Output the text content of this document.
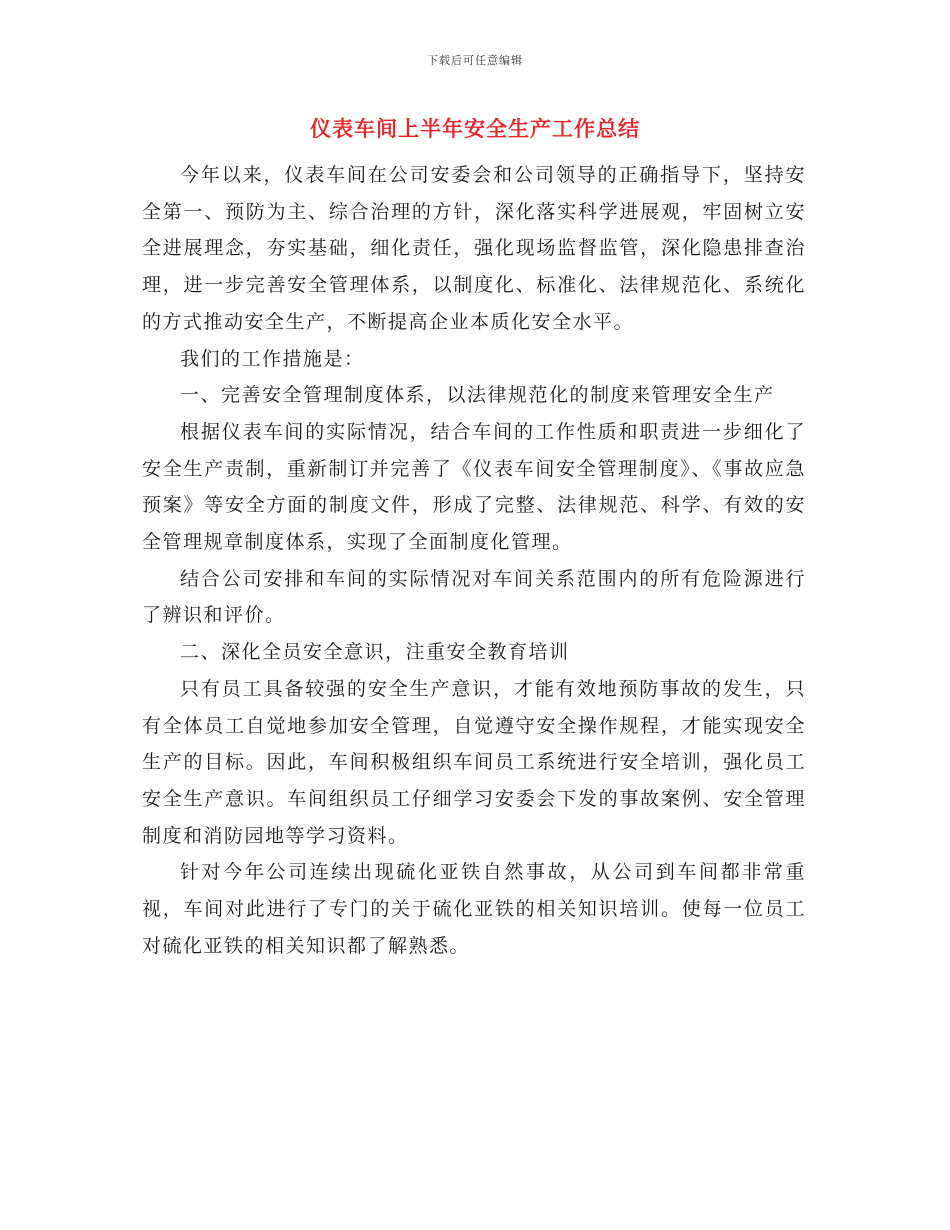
下载后可任意编辑
仪表车间上半年安全生产工作总结

今年以来，仪表车间在公司安委会和公司领导的正确指导下，坚持安全第一、预防为主、综合治理的方针，深化落实科学进展观，牢固树立安全进展理念，夯实基础，细化责任，强化现场监督监管，深化隐患排查治理，进一步完善安全管理体系，以制度化、标准化、法律规范化、系统化的方式推动安全生产，不断提高企业本质化安全水平。

我们的工作措施是：

一、完善安全管理制度体系，以法律规范化的制度来管理安全生产

根据仪表车间的实际情况，结合车间的工作性质和职责进一步细化了安全生产责制，重新制订并完善了《仪表车间安全管理制度》、《事故应急预案》等安全方面的制度文件，形成了完整、法律规范、科学、有效的安全管理规章制度体系，实现了全面制度化管理。

结合公司安排和车间的实际情况对车间关系范围内的所有危险源进行了辨识和评价。

二、深化全员安全意识，注重安全教育培训

只有员工具备较强的安全生产意识，才能有效地预防事故的发生，只有全体员工自觉地参加安全管理，自觉遵守安全操作规程，才能实现安全生产的目标。因此，车间积极组织车间员工系统进行安全培训，强化员工安全生产意识。车间组织员工仔细学习安委会下发的事故案例、安全管理制度和消防园地等学习资料。

针对今年公司连续出现硫化亚铁自然事故，从公司到车间都非常重视，车间对此进行了专门的关于硫化亚铁的相关知识培训。使每一位员工对硫化亚铁的相关知识都了解熟悉。
